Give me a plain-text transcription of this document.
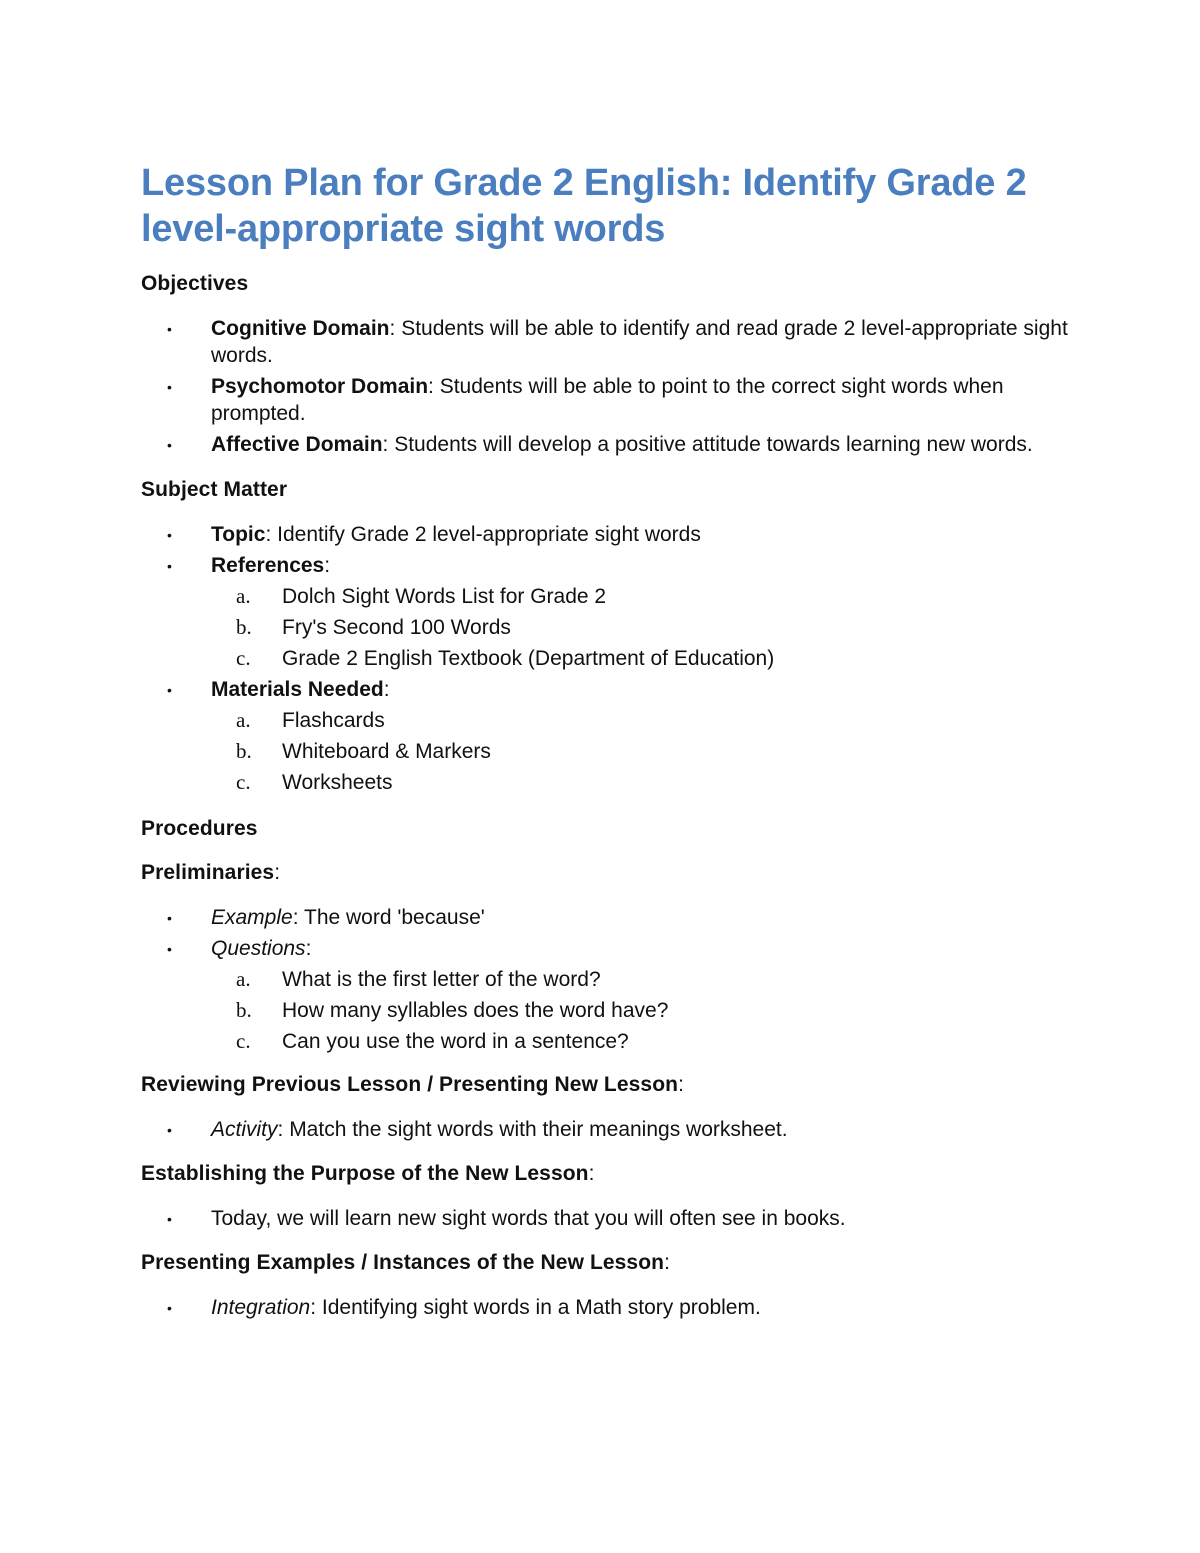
Lesson Plan for Grade 2 English: Identify Grade 2 level-appropriate sight words
Objectives
• Cognitive Domain: Students will be able to identify and read grade 2 level-appropriate sight words.
• Psychomotor Domain: Students will be able to point to the correct sight words when prompted.
• Affective Domain: Students will develop a positive attitude towards learning new words.
Subject Matter
• Topic: Identify Grade 2 level-appropriate sight words
• References:
a.	Dolch Sight Words List for Grade 2
b.	Fry's Second 100 Words
c.	Grade 2 English Textbook (Department of Education)
• Materials Needed:
a.	Flashcards
b.	Whiteboard & Markers
c.	Worksheets
Procedures
Preliminaries:
• Example: The word 'because'
• Questions:
a.	What is the first letter of the word?
b.	How many syllables does the word have?
c.	Can you use the word in a sentence?
Reviewing Previous Lesson / Presenting New Lesson:
• Activity: Match the sight words with their meanings worksheet.
Establishing the Purpose of the New Lesson:
• Today, we will learn new sight words that you will often see in books.
Presenting Examples / Instances of the New Lesson:
• Integration: Identifying sight words in a Math story problem.
